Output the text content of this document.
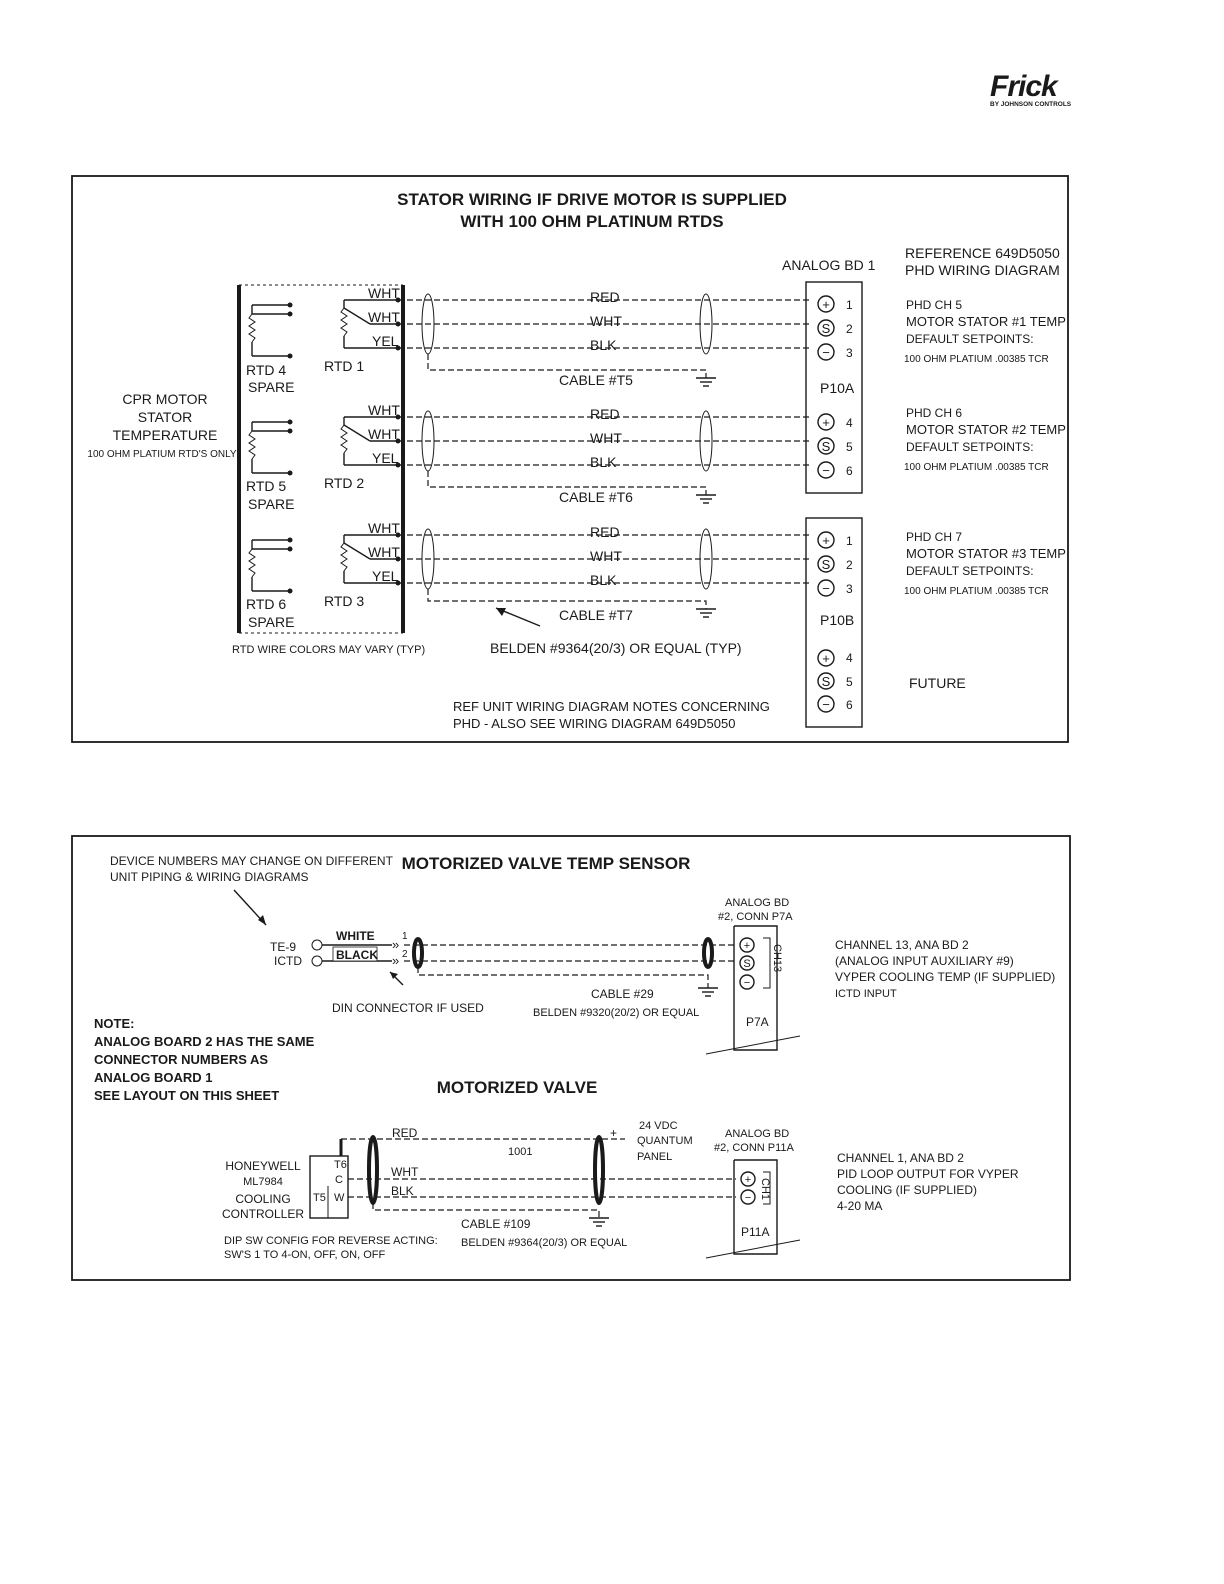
Frick
BY JOHNSON CONTROLS
STATOR WIRING IF DRIVE MOTOR IS SUPPLIED
WITH 100 OHM PLATINUM RTDS
REFERENCE 649D5050
PHD WIRING DIAGRAM
ANALOG BD 1
CPR MOTOR
STATOR
TEMPERATURE
100 OHM PLATIUM RTD'S ONLY
RTD 4
SPARE
RTD 1
WHT
WHT
YEL
RED
WHT
BLK
CABLE #T5
+
S
−
1
2
3
PHD CH 5
MOTOR STATOR #1 TEMP
DEFAULT SETPOINTS:
100 OHM PLATIUM .00385 TCR
RTD 5
SPARE
RTD 2
WHT
WHT
YEL
RED
WHT
BLK
CABLE #T6
+
S
−
4
5
6
PHD CH 6
MOTOR STATOR #2 TEMP
DEFAULT SETPOINTS:
100 OHM PLATIUM .00385 TCR
RTD 6
SPARE
RTD 3
WHT
WHT
YEL
RED
WHT
BLK
CABLE #T7
+
S
−
1
2
3
PHD CH 7
MOTOR STATOR #3 TEMP
DEFAULT SETPOINTS:
100 OHM PLATIUM .00385 TCR
P10A
P10B
+
S
−
4
5
6
FUTURE
RTD WIRE COLORS MAY VARY (TYP)	BELDEN #9364(20/3) OR EQUAL (TYP)
REF UNIT WIRING DIAGRAM NOTES CONCERNING
PHD - ALSO SEE WIRING DIAGRAM 649D5050
DEVICE NUMBERS MAY CHANGE ON DIFFERENT
UNIT PIPING & WIRING DIAGRAMS
MOTORIZED VALVE TEMP SENSOR
TE-9
ICTD
WHITE
BLACK
»
»
1
2
DIN CONNECTOR IF USED
CABLE #29
BELDEN #9320(20/2) OR EQUAL
ANALOG BD
#2, CONN P7A
+
S
−
CH13
P7A
CHANNEL 13, ANA BD 2
(ANALOG INPUT AUXILIARY #9)
VYPER COOLING TEMP (IF SUPPLIED)
ICTD INPUT
NOTE:
ANALOG BOARD 2 HAS THE SAME
CONNECTOR NUMBERS AS
ANALOG BOARD 1
SEE LAYOUT ON THIS SHEET	MOTORIZED VALVE
HONEYWELL
ML7984
COOLING
CONTROLLER
T6
C
T5 W
RED
1001
+ 24 VDC
QUANTUM
PANEL
WHT
BLK
CABLE #109
BELDEN #9364(20/3) OR EQUAL
DIP SW CONFIG FOR REVERSE ACTING:
SW'S 1 TO 4-ON, OFF, ON, OFF
ANALOG BD
#2, CONN P11A
+
− CH1
P11A
CHANNEL 1, ANA BD 2
PID LOOP OUTPUT FOR VYPER
COOLING (IF SUPPLIED)
4-20 MA
